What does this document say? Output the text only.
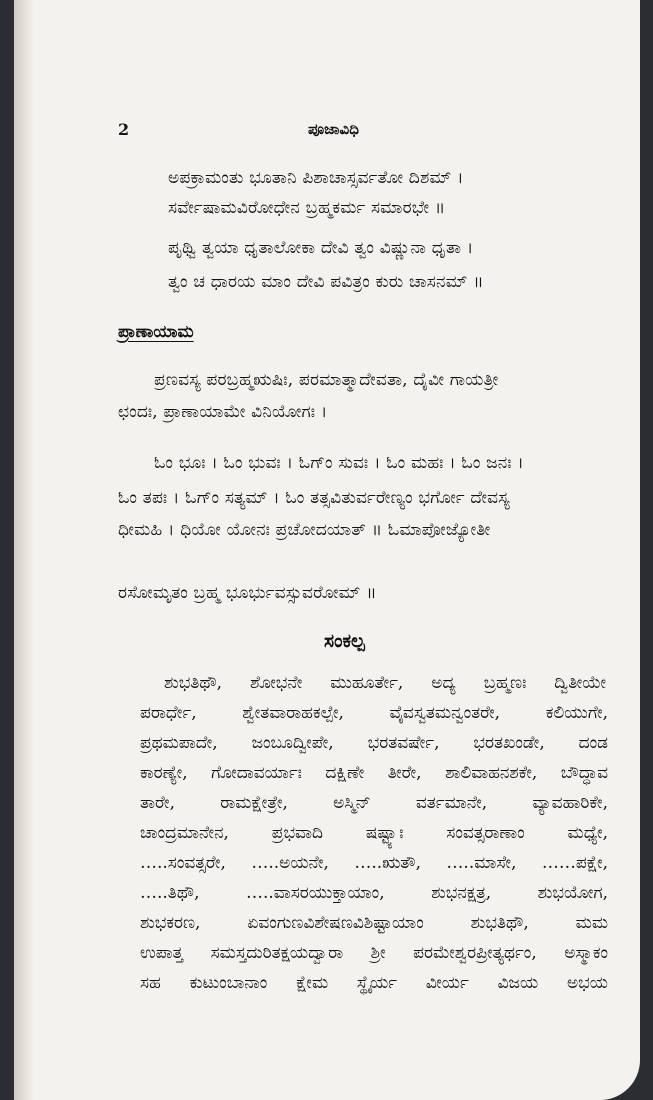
2	ಪೂಜಾವಿಧಿ
ಅಪಕ್ರಾಮಂತು ಭೂತಾನಿ ಪಿಶಾಚಾಸ್ಸರ್ವತೋ ದಿಶಮ್ ।
ಸರ್ವೇಷಾಮವಿರೋಧೇನ ಬ್ರಹ್ಮಕರ್ಮ ಸಮಾರಭೇ ॥
ಪೃಥ್ವಿ ತ್ವಯಾ ಧೃತಾಲೋಕಾ ದೇವಿ ತ್ವಂ ವಿಷ್ಣುನಾ ಧೃತಾ ।
ತ್ವಂ ಚ ಧಾರಯ ಮಾಂ ದೇವಿ ಪವಿತ್ರಂ ಕುರು ಚಾಸನಮ್ ॥
ಪ್ರಾಣಾಯಾಮ
ಪ್ರಣವಸ್ಯ ಪರಬ್ರಹ್ಮಋಷಿಃ, ಪರಮಾತ್ಮಾದೇವತಾ, ದೈವೀ ಗಾಯತ್ರೀ
ಛಂದಃ, ಪ್ರಾಣಾಯಾಮೇ ವಿನಿಯೋಗಃ ।
ಓಂ ಭೂಃ । ಓಂ ಭುವಃ । ಓಗ್ಂ ಸುವಃ । ಓಂ ಮಹಃ । ಓಂ ಜನಃ ।
ಓಂ ತಪಃ । ಓಗ್ಂ ಸತ್ಯಮ್ । ಓಂ ತತ್ಸವಿತುರ್ವರೇಣ್ಯಂ ಭರ್ಗೋ ದೇವಸ್ಯ
ಧೀಮಹಿ । ಧಿಯೋ ಯೋನಃ ಪ್ರಚೋದಯಾತ್ ॥ ಓಮಾಪೋಜ್ಯೋತೀ
ರಸೋಮೃತಂ ಬ್ರಹ್ಮ ಭೂರ್ಭುವಸ್ಸುವರೋಮ್ ॥
ಸಂಕಲ್ಪ
ಶುಭತಿಥೌ, ಶೋಭನೇ ಮುಹೂರ್ತೇ, ಅದ್ಯ ಬ್ರಹ್ಮಣಃ ದ್ವಿತೀಯೇ
ಪರಾರ್ಧೇ, ಶ್ವೇತವಾರಾಹಕಲ್ಪೇ, ವೈವಸ್ವತಮನ್ವಂತರೇ, ಕಲಿಯುಗೇ,
ಪ್ರಥಮಪಾದೇ, ಜಂಬೂದ್ವೀಪೇ, ಭರತವರ್ಷೇ, ಭರತಖಂಡೇ, ದಂಡ
ಕಾರಣ್ಯೇ, ಗೋದಾವರ್ಯಾಃ ದಕ್ಷಿಣೇ ತೀರೇ, ಶಾಲಿವಾಹನಶಕೇ, ಬೌದ್ಧಾವ
ತಾರೇ, ರಾಮಕ್ಷೇತ್ರೇ, ಅಸ್ಮಿನ್ ವರ್ತಮಾನೇ, ವ್ಯಾವಹಾರಿಕೇ,
ಚಾಂದ್ರಮಾನೇನ, ಪ್ರಭವಾದಿ ಷಷ್ಟ್ಯಾಃ ಸಂವತ್ಸರಾಣಾಂ ಮಧ್ಯೇ,
…..ಸಂವತ್ಸರೇ, …..ಅಯನೇ, …..ಋತೌ, …..ಮಾಸೇ, ……ಪಕ್ಷೇ,
…..ತಿಥೌ, …..ವಾಸರಯುಕ್ತಾಯಾಂ, ಶುಭನಕ್ಷತ್ರ, ಶುಭಯೋಗ,
ಶುಭಕರಣ, ಏವಂಗುಣವಿಶೇಷಣವಿಶಿಷ್ಟಾಯಾಂ ಶುಭತಿಥೌ, ಮಮ
ಉಪಾತ್ತ ಸಮಸ್ತದುರಿತಕ್ಷಯದ್ವಾರಾ ಶ್ರೀ ಪರಮೇಶ್ವರಪ್ರೀತ್ಯರ್ಥಂ, ಅಸ್ಮಾಕಂ
ಸಹ ಕುಟುಂಬಾನಾಂ ಕ್ಷೇಮ ಸ್ಥೈರ್ಯ ವೀರ್ಯ ವಿಜಯ ಅಭಯ
